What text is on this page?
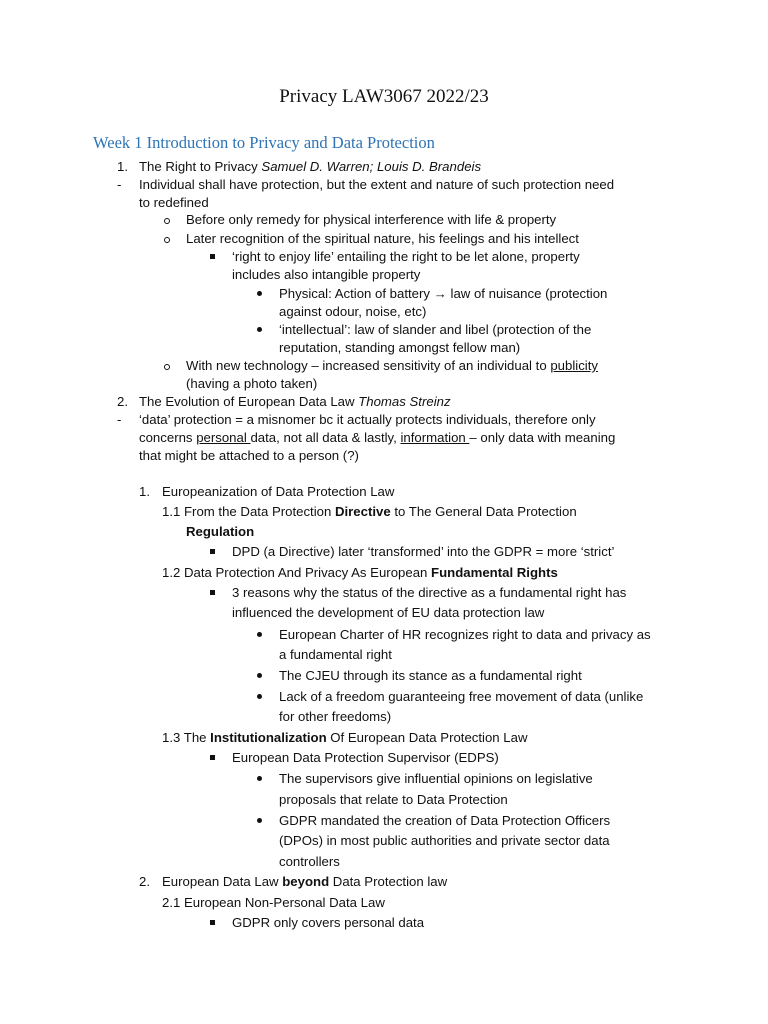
Privacy LAW3067 2022/23
Week 1 Introduction to Privacy and Data Protection
1. The Right to Privacy Samuel D. Warren; Louis D. Brandeis
- Individual shall have protection, but the extent and nature of such protection need
to redefined
Before only remedy for physical interference with life & property
Later recognition of the spiritual nature, his feelings and his intellect
‘right to enjoy life’ entailing the right to be let alone, property
includes also intangible property
Physical: Action of battery → law of nuisance (protection
against odour, noise, etc)
‘intellectual’: law of slander and libel (protection of the
reputation, standing amongst fellow man)
With new technology – increased sensitivity of an individual to publicity
(having a photo taken)
2. The Evolution of European Data Law Thomas Streinz
- ‘data’ protection = a misnomer bc it actually protects individuals, therefore only
concerns personal data, not all data & lastly, information – only data with meaning
that might be attached to a person (?)
1. Europeanization of Data Protection Law
1.1 From the Data Protection Directive to The General Data Protection
Regulation
DPD (a Directive) later ‘transformed’ into the GDPR = more ‘strict’
1.2 Data Protection And Privacy As European Fundamental Rights
3 reasons why the status of the directive as a fundamental right has
influenced the development of EU data protection law
European Charter of HR recognizes right to data and privacy as
a fundamental right
The CJEU through its stance as a fundamental right
Lack of a freedom guaranteeing free movement of data (unlike
for other freedoms)
1.3 The Institutionalization Of European Data Protection Law
European Data Protection Supervisor (EDPS)
The supervisors give influential opinions on legislative
proposals that relate to Data Protection
GDPR mandated the creation of Data Protection Officers
(DPOs) in most public authorities and private sector data
controllers
2. European Data Law beyond Data Protection law
2.1 European Non-Personal Data Law
GDPR only covers personal data
